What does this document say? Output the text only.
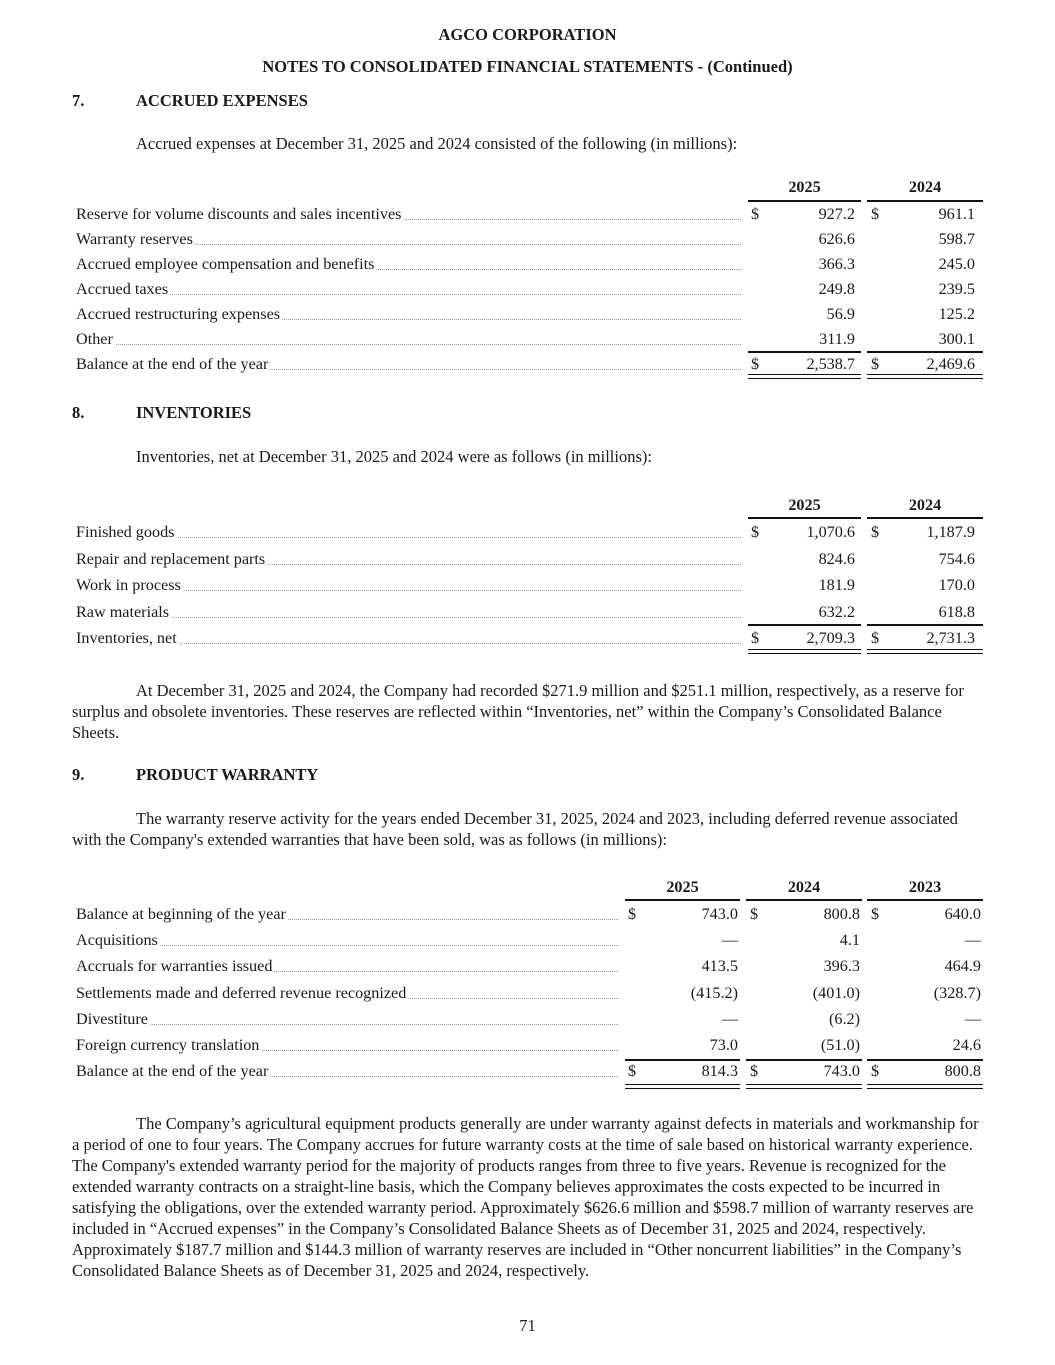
AGCO CORPORATION
NOTES TO CONSOLIDATED FINANCIAL STATEMENTS - (Continued)
7.	ACCRUED EXPENSES
Accrued expenses at December 31, 2025 and 2024 consisted of the following (in millions):
2025	2024
Reserve for volume discounts and sales incentives	$	927.2 $	961.1
Warranty reserves	626.6	598.7
Accrued employee compensation and benefits	366.3	245.0
Accrued taxes	249.8	239.5
Accrued restructuring expenses	56.9	125.2
Other	311.9	300.1
Balance at the end of the year	$	2,538.7 $	2,469.6
8.	INVENTORIES
Inventories, net at December 31, 2025 and 2024 were as follows (in millions):
2025	2024
Finished goods	$	1,070.6 $	1,187.9
Repair and replacement parts	824.6	754.6
Work in process	181.9	170.0
Raw materials	632.2	618.8
Inventories, net	$	2,709.3 $	2,731.3
At December 31, 2025 and 2024, the Company had recorded $271.9 million and $251.1 million, respectively, as a reserve for surplus and obsolete inventories. These reserves are reflected within “Inventories, net” within the Company’s Consolidated Balance Sheets.
9.	PRODUCT WARRANTY
The warranty reserve activity for the years ended December 31, 2025, 2024 and 2023, including deferred revenue associated with the Company's extended warranties that have been sold, was as follows (in millions):
2025	2024	2023
Balance at beginning of the year	$	743.0 $	800.8 $	640.0
Acquisitions	—	4.1	—
Accruals for warranties issued	413.5	396.3	464.9
Settlements made and deferred revenue recognized	(415.2)	(401.0)	(328.7)
Divestiture	—	(6.2)	—
Foreign currency translation	73.0	(51.0)	24.6
Balance at the end of the year	$	814.3 $	743.0 $	800.8
The Company’s agricultural equipment products generally are under warranty against defects in materials and workmanship for a period of one to four years. The Company accrues for future warranty costs at the time of sale based on historical warranty experience. The Company's extended warranty period for the majority of products ranges from three to five years. Revenue is recognized for the extended warranty contracts on a straight-line basis, which the Company believes approximates the costs expected to be incurred in satisfying the obligations, over the extended warranty period. Approximately $626.6 million and $598.7 million of warranty reserves are included in “Accrued expenses” in the Company’s Consolidated Balance Sheets as of December 31, 2025 and 2024, respectively. Approximately $187.7 million and $144.3 million of warranty reserves are included in “Other noncurrent liabilities” in the Company’s Consolidated Balance Sheets as of December 31, 2025 and 2024, respectively.
71
